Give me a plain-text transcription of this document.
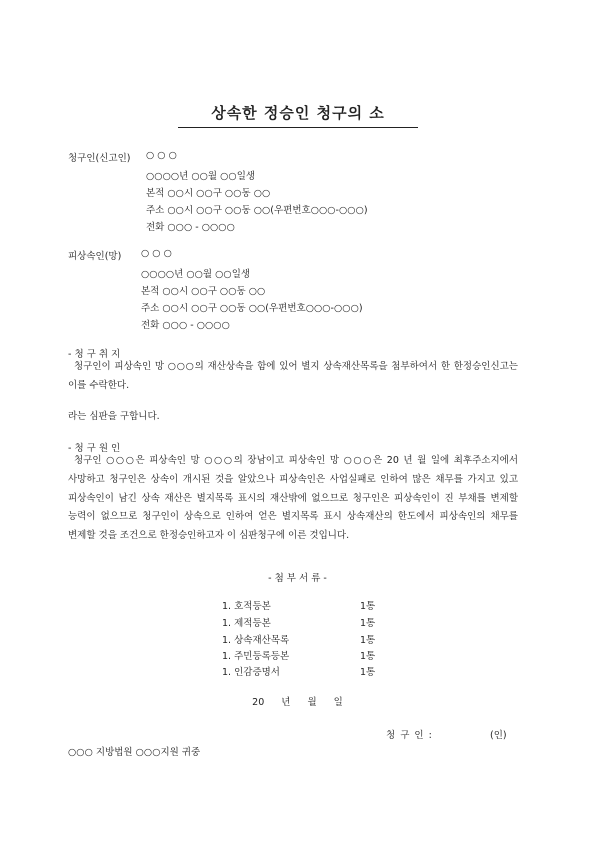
상속한 정승인 청구의 소
청구인(신고인) ○ ○ ○
○○○○년 ○○월 ○○일생
본적 ○○시 ○○구 ○○동 ○○
주소 ○○시 ○○구 ○○동 ○○(우편번호○○○-○○○)
전화 ○○○ - ○○○○
피상속인(망) ○ ○ ○
○○○○년 ○○월 ○○일생
본적 ○○시 ○○구 ○○동 ○○
주소 ○○시 ○○구 ○○동 ○○(우편번호○○○-○○○)
전화 ○○○ - ○○○○
- 청 구 취 지
청구인이 피상속인 망 ○○○의 재산상속을 함에 있어 별지 상속재산목록을 첨부하여서 한 한정승인신고는 이를 수락한다.
라는 심판을 구합니다.
- 청 구 원 인
청구인 ○○○은 피상속인 망 ○○○의 장남이고 피상속인 망 ○○○은 20 년 월 일에 최후주소지에서 사망하고 청구인은 상속이 개시된 것을 알았으나 피상속인은 사업실패로 인하여 많은 채무를 가지고 있고 피상속인이 남긴 상속 재산은 별지목록 표시의 재산밖에 없으므로 청구인은 피상속인이 진 부채를 변제할 능력이 없으므로 청구인이 상속으로 인하여 얻은 별지목록 표시 상속재산의 한도에서 피상속인의 채무를 변제할 것을 조건으로 한정승인하고자 이 심판청구에 이른 것입니다.
- 첨 부 서 류 -
1. 호적등본	1통
1. 제적등본	1통
1. 상속재산목록	1통
1. 주민등록등본	1통
1. 인감증명서	1통
20 년 월 일
청 구 인 :	(인)
○○○ 지방법원 ○○○지원 귀중
